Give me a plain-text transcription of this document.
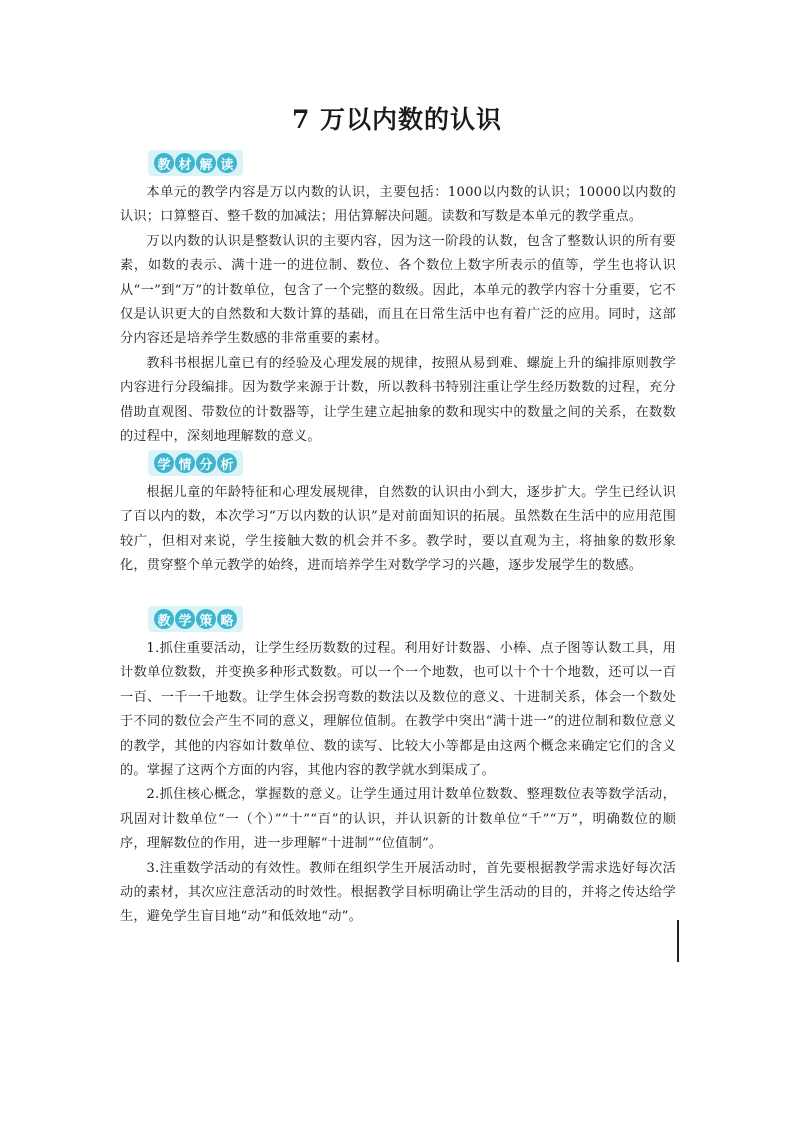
7 万以内数的认识
教 材 解 读

本单元的教学内容是万以内数的认识，主要包括：1000以内数的认识；10000以内数的认识；口算整百、整千数的加减法；用估算解决问题。读数和写数是本单元的教学重点。

万以内数的认识是整数认识的主要内容，因为这一阶段的认数，包含了整数认识的所有要素，如数的表示、满十进一的进位制、数位、各个数位上数字所表示的值等，学生也将认识从“一”到“万”的计数单位，包含了一个完整的数级。因此，本单元的教学内容十分重要，它不仅是认识更大的自然数和大数计算的基础，而且在日常生活中也有着广泛的应用。同时，这部分内容还是培养学生数感的非常重要的素材。

教科书根据儿童已有的经验及心理发展的规律，按照从易到难、螺旋上升的编排原则教学内容进行分段编排。因为数学来源于计数，所以教科书特别注重让学生经历数数的过程，充分借助直观图、带数位的计数器等，让学生建立起抽象的数和现实中的数量之间的关系，在数数的过程中，深刻地理解数的意义。

学 情 分 析

根据儿童的年龄特征和心理发展规律，自然数的认识由小到大，逐步扩大。学生已经认识了百以内的数，本次学习“万以内数的认识”是对前面知识的拓展。虽然数在生活中的应用范围较广，但相对来说，学生接触大数的机会并不多。教学时，要以直观为主，将抽象的数形象化，贯穿整个单元教学的始终，进而培养学生对数学学习的兴趣，逐步发展学生的数感。

教 学 策 略

1.抓住重要活动，让学生经历数数的过程。利用好计数器、小棒、点子图等认数工具，用计数单位数数，并变换多种形式数数。可以一个一个地数，也可以十个十个地数，还可以一百一百、一千一千地数。让学生体会拐弯数的数法以及数位的意义、十进制关系，体会一个数处于不同的数位会产生不同的意义，理解位值制。在教学中突出“满十进一”的进位制和数位意义的教学，其他的内容如计数单位、数的读写、比较大小等都是由这两个概念来确定它们的含义的。掌握了这两个方面的内容，其他内容的教学就水到渠成了。

2.抓住核心概念，掌握数的意义。让学生通过用计数单位数数、整理数位表等数学活动，巩固对计数单位“一（个）”“十”“百”的认识，并认识新的计数单位“千”“万”，明确数位的顺序，理解数位的作用，进一步理解“十进制”“位值制”。

3.注重数学活动的有效性。教师在组织学生开展活动时，首先要根据教学需求选好每次活动的素材，其次应注意活动的时效性。根据教学目标明确让学生活动的目的，并将之传达给学生，避免学生盲目地“动”和低效地“动”。
